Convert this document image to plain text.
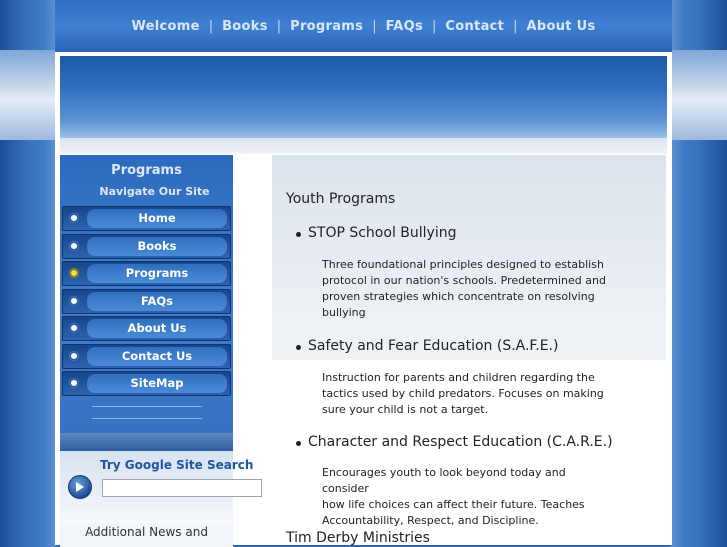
Welcome | Books | Programs | FAQs | Contact | About Us
Programs
Navigate Our Site
Home
Books
Programs
FAQs
About Us
Contact Us
SiteMap
Try Google Site Search
Additional News and
Youth Programs
STOP School Bullying
Three foundational principles designed to establish
protocol in our nation's schools. Predetermined and
proven strategies which concentrate on resolving
bullying
Safety and Fear Education (S.A.F.E.)
Instruction for parents and children regarding the
tactics used by child predators. Focuses on making
sure your child is not a target.
Character and Respect Education (C.A.R.E.)
Encourages youth to look beyond today and consider
how life choices can affect their future. Teaches
Accountability, Respect, and Discipline.
Tim Derby Ministries
